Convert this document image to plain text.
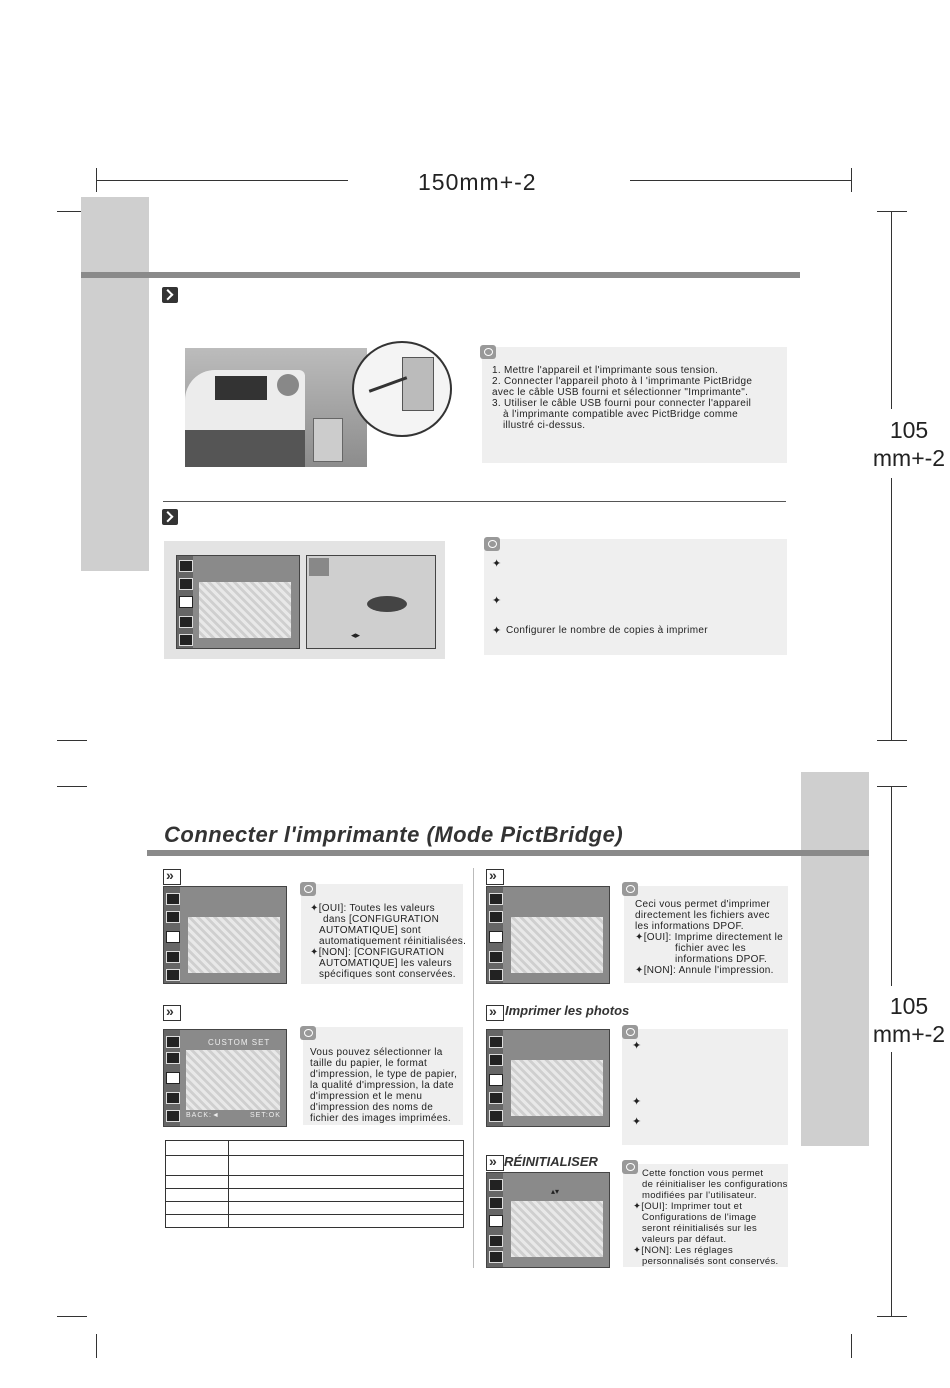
150mm+-2
105
mm+-2
105
mm+-2
1. Mettre l'appareil et l'imprimante sous tension.
2. Connecter l'appareil photo à l 'imprimante PictBridge
avec le câble USB fourni et sélectionner "Imprimante".
3. Utiliser le câble USB fourni pour connecter l'appareil
à l'imprimante compatible avec PictBridge comme
illustré ci-dessus.
◂▸
✦
✦
✦ Configurer le nombre de copies à imprimer
Connecter l'imprimante (Mode PictBridge)
»
✦[OUI]: Toutes les valeurs
dans [CONFIGURATION
AUTOMATIQUE] sont
automatiquement réinitialisées.
✦[NON]: [CONFIGURATION
AUTOMATIQUE] les valeurs
spécifiques sont conservées.
»
CUSTOM SET
BACK:◄	SET:OK
Vous pouvez sélectionner la
taille du papier, le format
d'impression, le type de papier,
la qualité d'impression, la date
d'impression et le menu
d'impression des noms de
fichier des images imprimées.
»
Ceci vous permet d'imprimer
directement les fichiers avec
les informations DPOF.
✦[OUI]: Imprime directement le
fichier avec les
informations DPOF.
✦[NON]: Annule l'impression.
»
Imprimer les photos
✦
✦
✦
»
RÉINITIALISER
▴▾
Cette fonction vous permet
de réinitialiser les configurations
modifiées par l'utilisateur.
✦[OUI]: Imprimer tout et
Configurations de l'image
seront réinitialisés sur les
valeurs par défaut.
✦[NON]: Les réglages
personnalisés sont conservés.
